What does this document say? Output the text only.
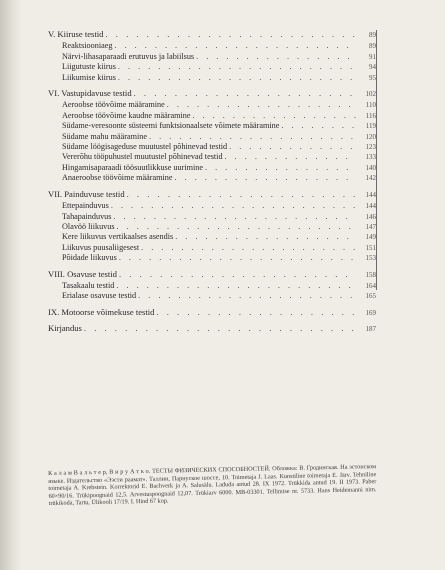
V. Kiiruse testid . . .	89
Reaktsiooniaeg . . .	89
Närvi-lihasaparaadi erutuvus ja labiilsus . . .	91
Liigutuste kiirus . . .	94
Liikumise kiirus . . .	95
VI. Vastupidavuse testid . . .	102
Aeroobse töövõime määramine . . .	110
Aeroobse töövõime kaudne määramine . . .	116
Südame-veresoonte süsteemi funktsionaalsete võimete määramine . . .	119
Südame mahu määramine . . .	120
Südame löögisageduse muutustel põhinevad testid . . .	123
Vererõhu tööpuhustel muutustel põhinevad testid . . .	133
Hingamisaparaadi töösuutlikkuse uurimine . . .	140
Anaeroobse töövõime määramine . . .	142
VII. Painduvuse testid . . .	144
Ettepainduvus . . .	144
Tahapainduvus . . .	146
Olavöö liikuvus . . .	147
Kere liikuvus vertikaalses asendis . . .	149
Liikuvus puusaliigesest . . .	151
Põidade liikuvus . . .	153
VIII. Osavuse testid . . .	158
Tasakaalu testid . . .	164
Erialase osavuse testid . . .	165
IX. Motoorse võimekuse testid . . .	169
Kirjandus . . .	187
К а л а м В а л ь т е р, В и р у А т к о. ТЕСТЫ ФИЗИЧЕСКИХ СПОСОБНОСТЕЙ. Обложка: В. Гродинская. На эстонском языке. Издательство «Ээсти раамат». Таллин, Парнуское шоссе, 10. Toimetaja J. Laas. Kunstiline toimetaja E. Järv. Tehniline toimetaja A. Krebstein. Korrektorid E. Bachverk ja A. Salusälu. Laduda antud 28. IX 1972. Trükkida antud 19. II 1973. Paber 60×90/16. Trükipoognaid 12,5. Arvestuspoognaid 12,07. Trükiarv 6000. MB-03301. Tellimise nr. 5733. Hans Heidemanni nim. trükikoda, Tartu, Ülikooli 17/19. I. Hind 67 kop.
